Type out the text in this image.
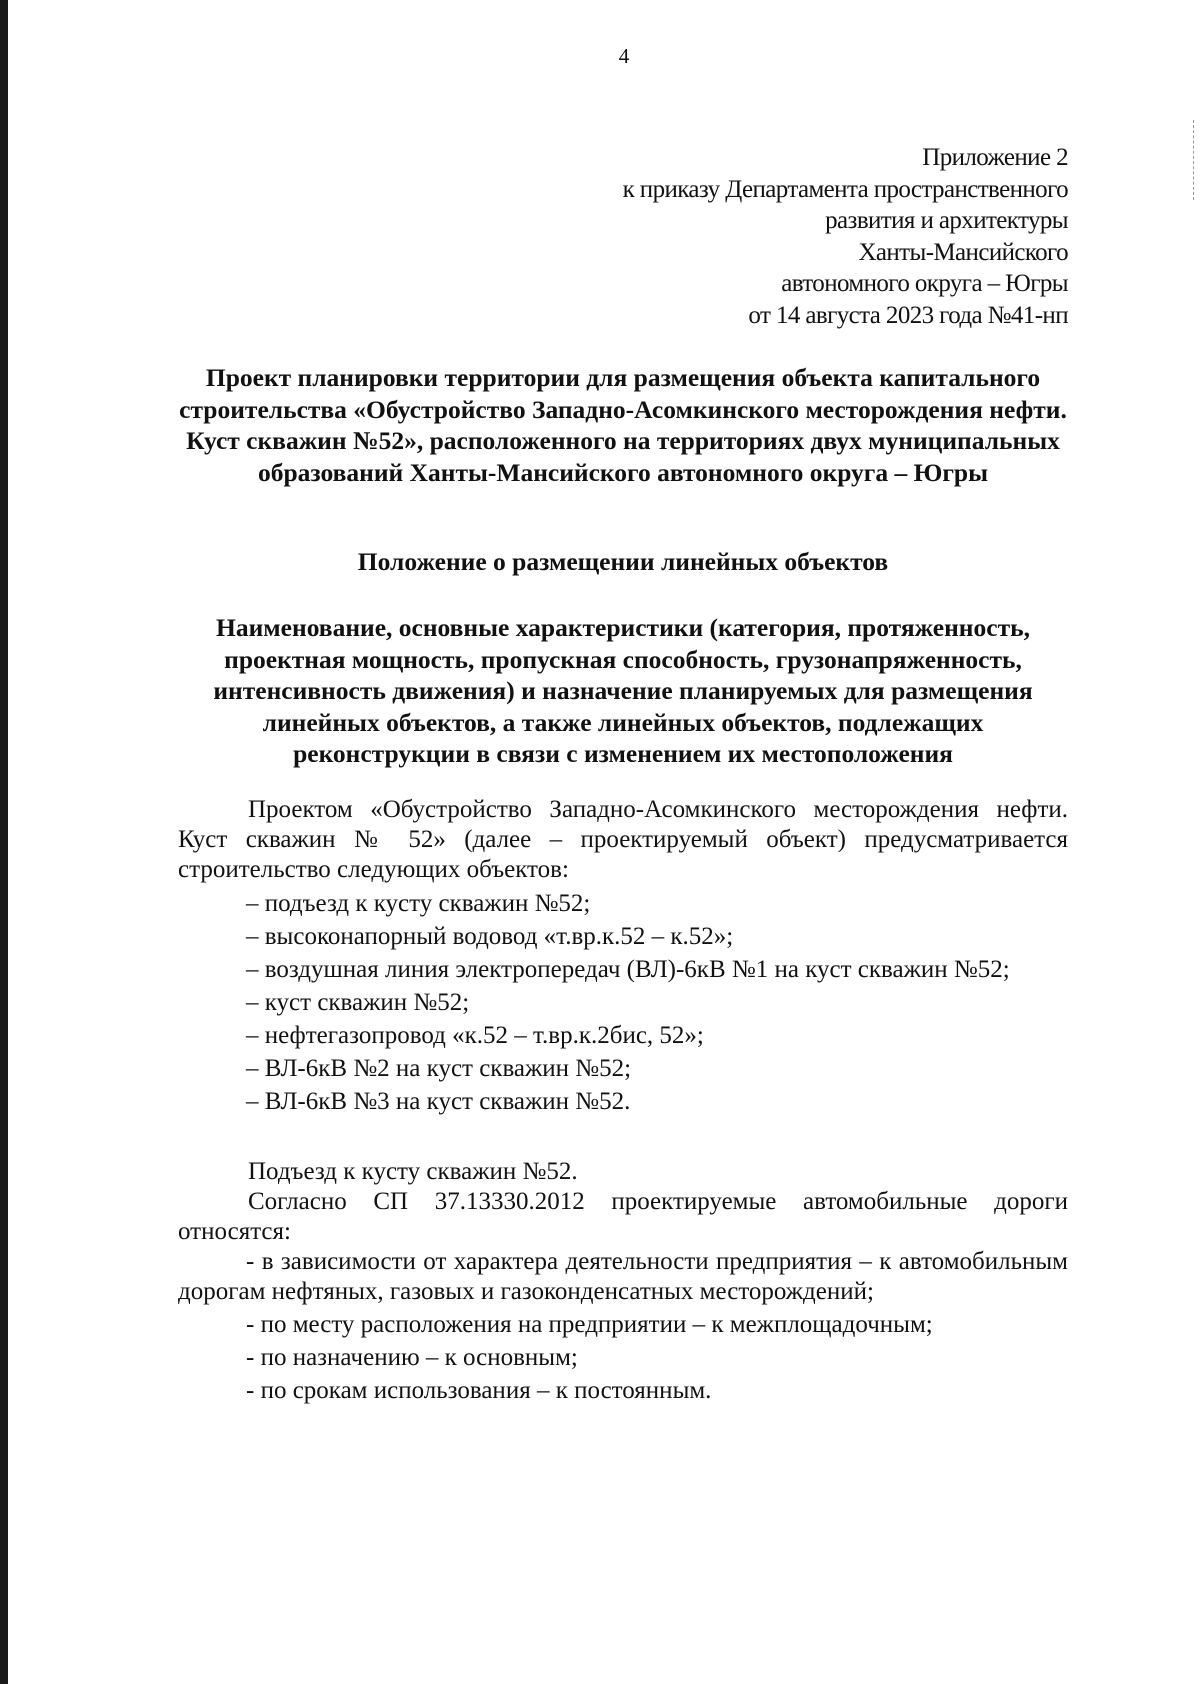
4
Приложение 2
к приказу Департамента пространственного
развития и архитектуры
Ханты-Мансийского
автономного округа – Югры
от 14 августа 2023 года №41-нп
Проект планировки территории для размещения объекта капитального строительства «Обустройство Западно-Асомкинского месторождения нефти. Куст скважин №52», расположенного на территориях двух муниципальных образований Ханты-Мансийского автономного округа – Югры
Положение о размещении линейных объектов
Наименование, основные характеристики (категория, протяженность, проектная мощность, пропускная способность, грузонапряженность, интенсивность движения) и назначение планируемых для размещения линейных объектов, а также линейных объектов, подлежащих реконструкции в связи с изменением их местоположения

Проектом «Обустройство Западно-Асомкинского месторождения нефти. Куст скважин № 52» (далее – проектируемый объект) предусматривается строительство следующих объектов:

– подъезд к кусту скважин №52;
– высоконапорный водовод «т.вр.к.52 – к.52»;
– воздушная линия электропередач (ВЛ)-6кВ №1 на куст скважин №52;
– куст скважин №52;
– нефтегазопровод «к.52 – т.вр.к.2бис, 52»;
– ВЛ-6кВ №2 на куст скважин №52;
– ВЛ-6кВ №3 на куст скважин №52.

Подъезд к кусту скважин №52.

Согласно СП 37.13330.2012 проектируемые автомобильные дороги относятся:

- в зависимости от характера деятельности предприятия – к автомобильным дорогам нефтяных, газовых и газоконденсатных месторождений;
- по месту расположения на предприятии – к межплощадочным;
- по назначению – к основным;
- по срокам использования – к постоянным.
